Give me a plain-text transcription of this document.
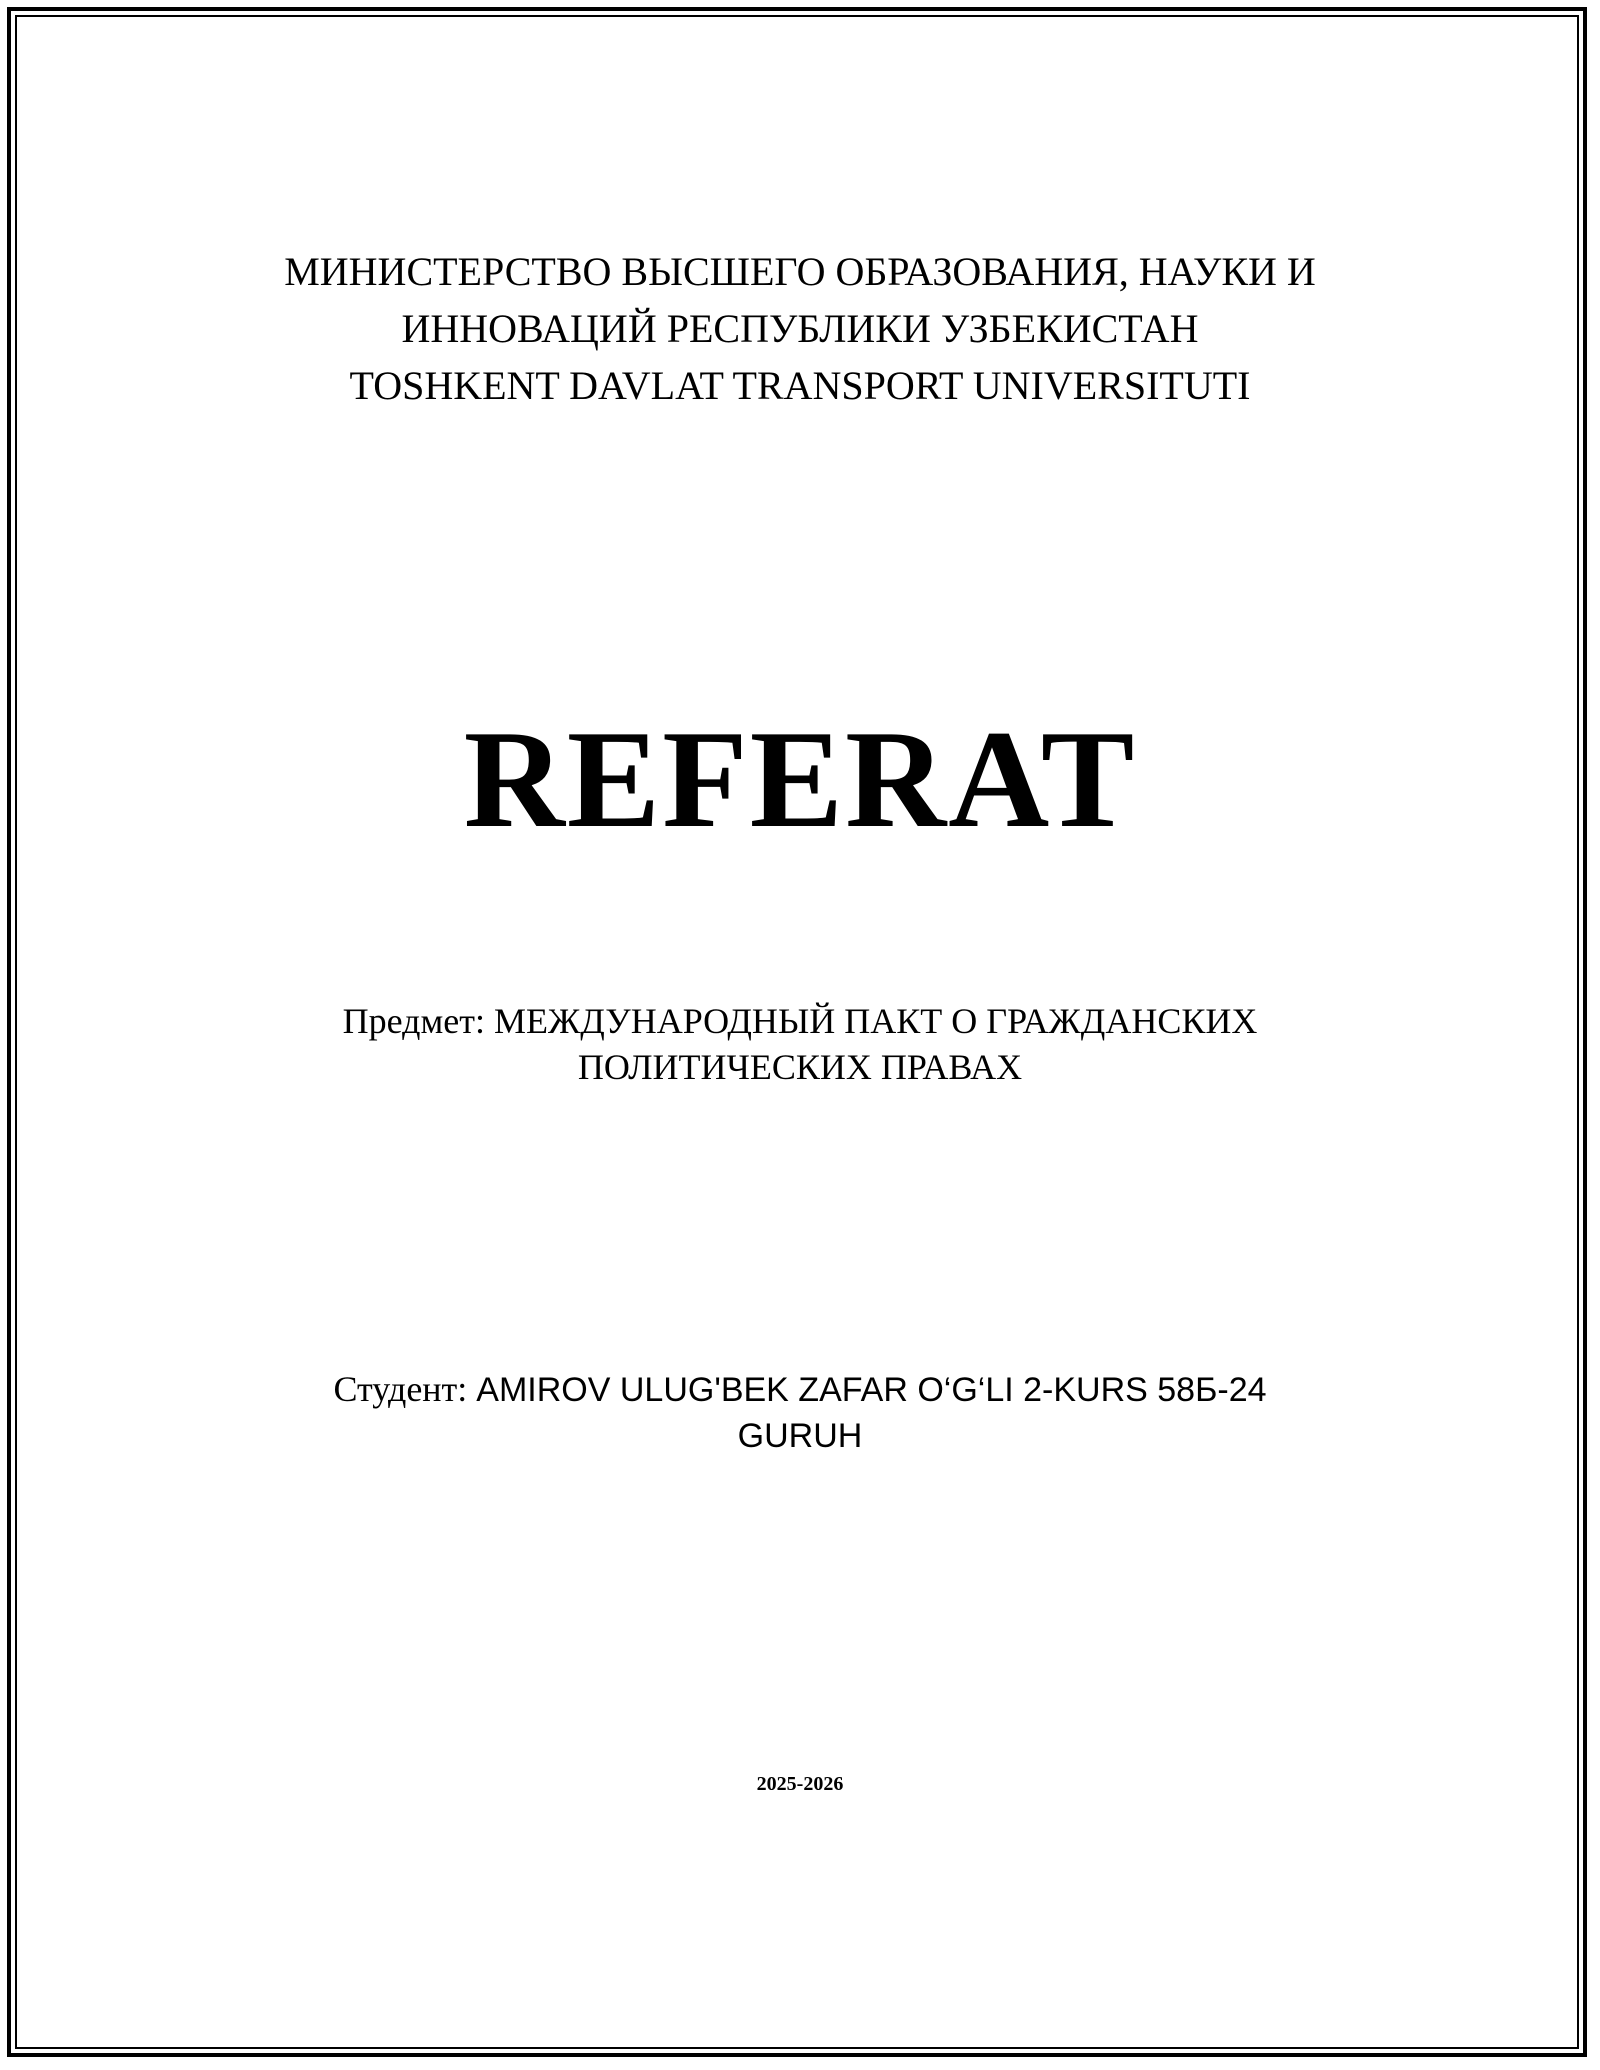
МИНИСТЕРСТВО ВЫСШЕГО ОБРАЗОВАНИЯ, НАУКИ И
ИННОВАЦИЙ РЕСПУБЛИКИ УЗБЕКИСТАН
TOSHKENT DAVLAT TRANSPORT UNIVERSITUTI
REFERAT
Предмет: МЕЖДУНАРОДНЫЙ ПАКТ О ГРАЖДАНСКИХ
ПОЛИТИЧЕСКИХ ПРАВАХ
Студент: AMIROV ULUG'BEK ZAFAR O‘G‘LI 2-KURS 58Б-24
GURUH
2025-2026
